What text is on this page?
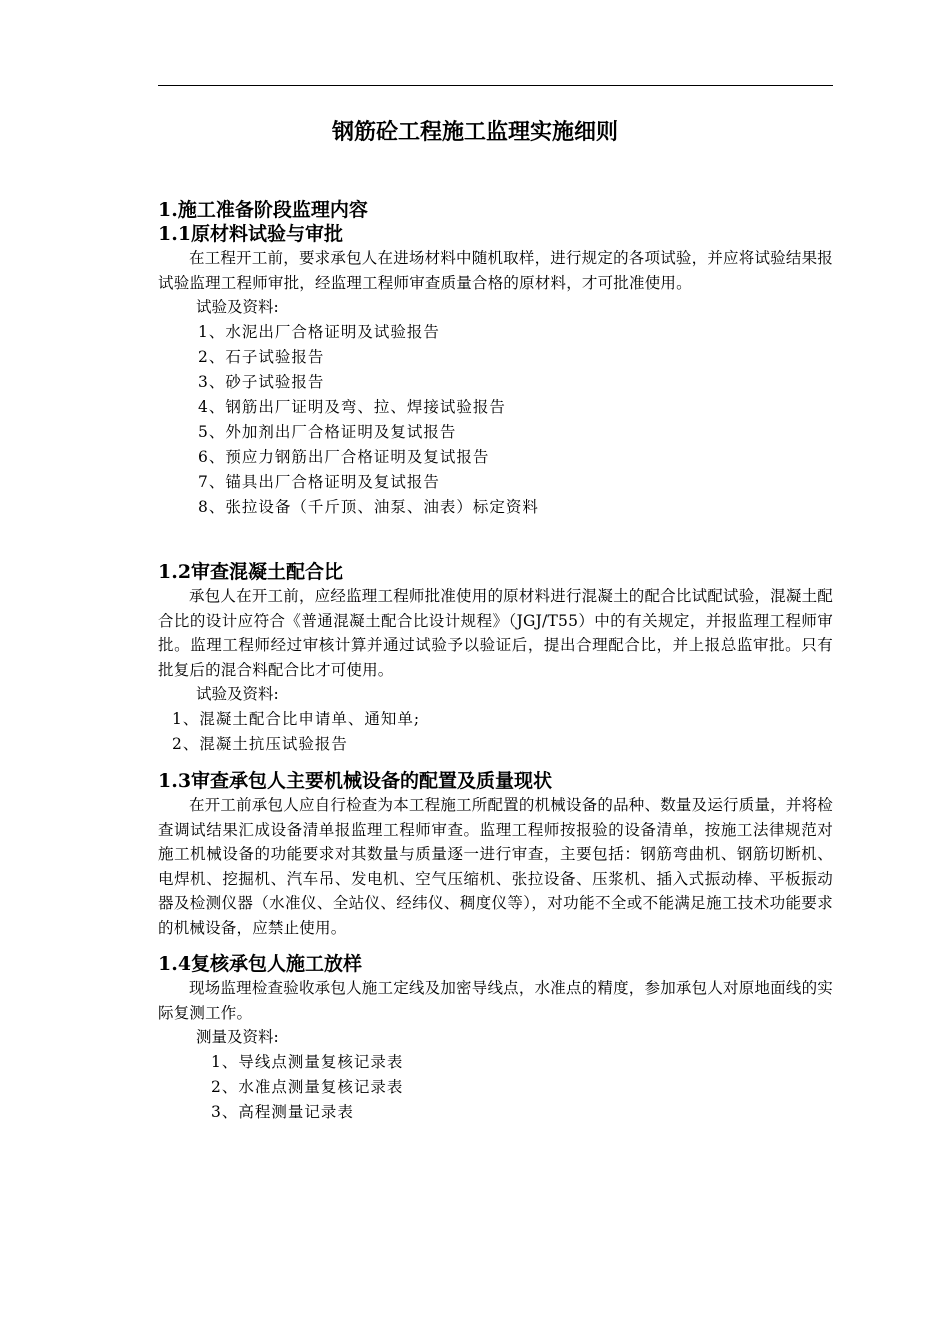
钢筋砼工程施工监理实施细则
1.施工准备阶段监理内容
1.1原材料试验与审批

在工程开工前，要求承包人在进场材料中随机取样，进行规定的各项试验，并应将试验结果报试验监理工程师审批，经监理工程师审查质量合格的原材料，才可批准使用。

试验及资料:

1、水泥出厂合格证明及试验报告
2、石子试验报告
3、砂子试验报告
4、钢筋出厂证明及弯、拉、焊接试验报告
5、外加剂出厂合格证明及复试报告
6、预应力钢筋出厂合格证明及复试报告
7、锚具出厂合格证明及复试报告
8、张拉设备（千斤顶、油泵、油表）标定资料
1.2审查混凝土配合比

承包人在开工前，应经监理工程师批准使用的原材料进行混凝土的配合比试配试验，混凝土配合比的设计应符合《普通混凝土配合比设计规程》（JGJ/T55）中的有关规定，并报监理工程师审批。监理工程师经过审核计算并通过试验予以验证后，提出合理配合比，并上报总监审批。只有批复后的混合料配合比才可使用。

试验及资料:

1、混凝土配合比申请单、通知单;
2、混凝土抗压试验报告
1.3审查承包人主要机械设备的配置及质量现状

在开工前承包人应自行检查为本工程施工所配置的机械设备的品种、数量及运行质量，并将检查调试结果汇成设备清单报监理工程师审查。监理工程师按报验的设备清单，按施工法律规范对施工机械设备的功能要求对其数量与质量逐一进行审查，主要包括：钢筋弯曲机、钢筋切断机、电焊机、挖掘机、汽车吊、发电机、空气压缩机、张拉设备、压浆机、插入式振动棒、平板振动器及检测仪器（水准仪、全站仪、经纬仪、稠度仪等），对功能不全或不能满足施工技术功能要求的机械设备，应禁止使用。

1.4复核承包人施工放样

现场监理检查验收承包人施工定线及加密导线点，水准点的精度，参加承包人对原地面线的实际复测工作。

测量及资料:

1、导线点测量复核记录表
2、水准点测量复核记录表
3、高程测量记录表
